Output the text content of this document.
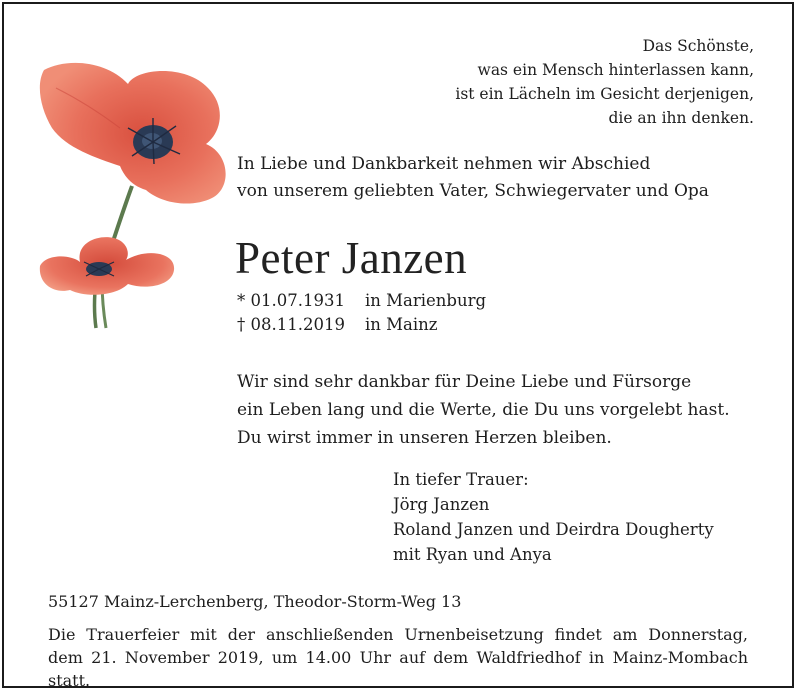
Das Schönste,
was ein Mensch hinterlassen kann,
ist ein Lächeln im Gesicht derjenigen,
die an ihn denken.
In Liebe und Dankbarkeit nehmen wir Abschied
von unserem geliebten Vater, Schwiegervater und Opa
Peter Janzen
* 01.07.1931	in Marienburg
† 08.11.2019	in Mainz
Wir sind sehr dankbar für Deine Liebe und Fürsorge
ein Leben lang und die Werte, die Du uns vorgelebt hast.
Du wirst immer in unseren Herzen bleiben.
In tiefer Trauer:
Jörg Janzen
Roland Janzen und Deirdra Dougherty
mit Ryan und Anya
55127 Mainz-Lerchenberg, Theodor-Storm-Weg 13
Die Trauerfeier mit der anschließenden Urnenbeisetzung findet am Donnerstag,
dem 21. November 2019, um 14.00 Uhr auf dem Waldfriedhof in Mainz-Mombach statt.
